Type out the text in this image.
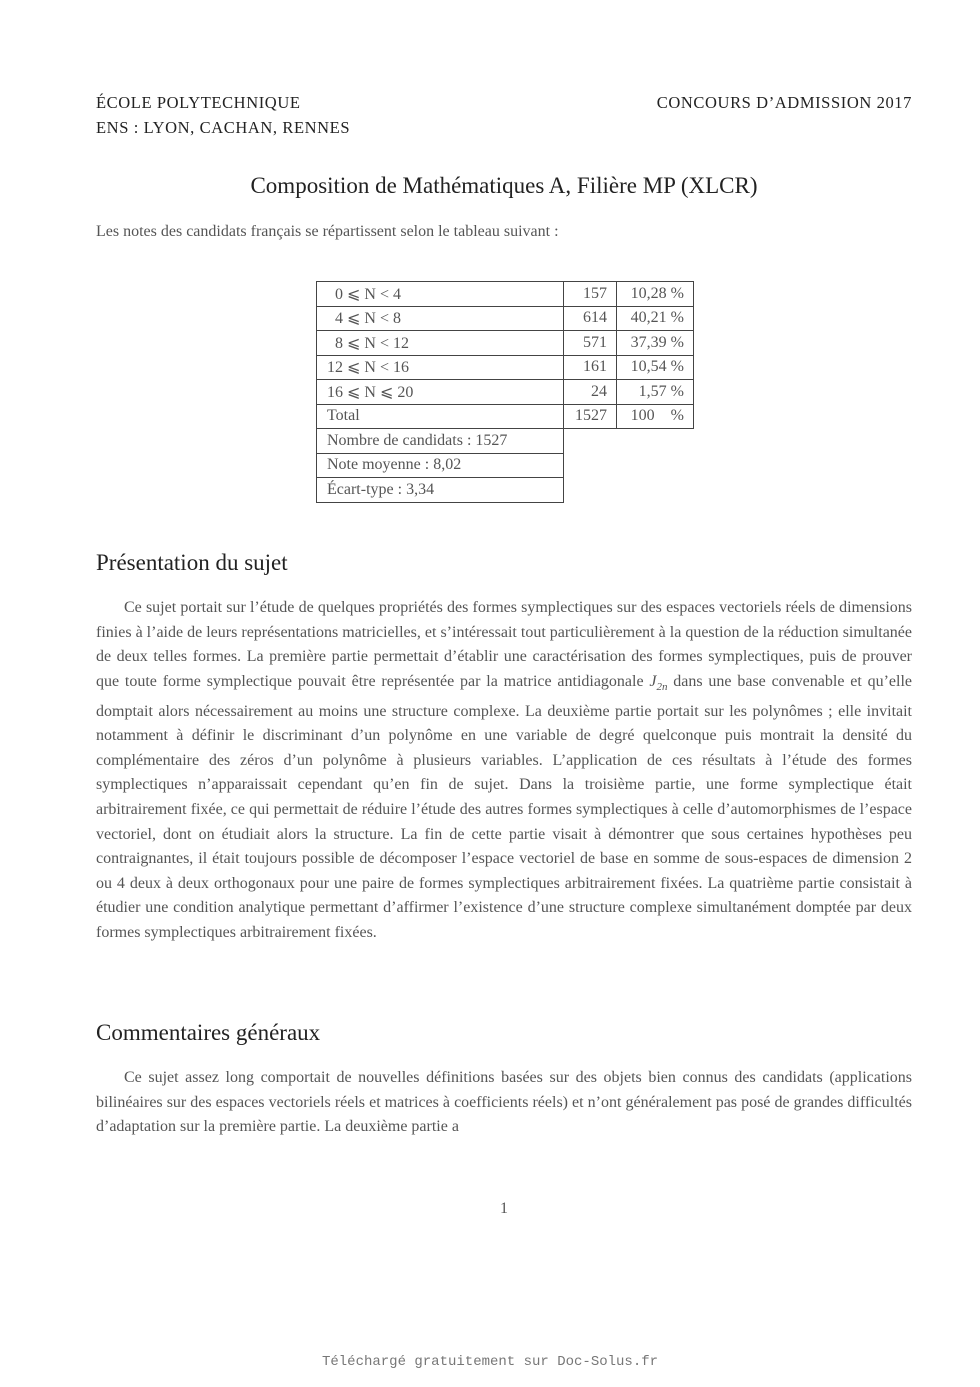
ÉCOLE POLYTECHNIQUE
ENS : LYON, CACHAN, RENNES
CONCOURS D’ADMISSION 2017
Composition de Mathématiques A, Filière MP (XLCR)
Les notes des candidats français se répartissent selon le tableau suivant :
0 ⩽ N < 4	157	10,28 %
4 ⩽ N < 8	614	40,21 %
8 ⩽ N < 12	571	37,39 %
12 ⩽ N < 16	161	10,54 %
16 ⩽ N ⩽ 20	24	1,57 %
Total	1527	100    %
Nombre de candidats : 1527		
Note moyenne : 8,02		
Écart-type : 3,34		
Présentation du sujet

Ce sujet portait sur l’étude de quelques propriétés des formes symplectiques sur des espaces vectoriels réels de dimensions finies à l’aide de leurs représentations matricielles, et s’intéressait tout particulièrement à la question de la réduction simultanée de deux telles formes. La première partie permettait d’établir une caractérisation des formes symplectiques, puis de prouver que toute forme symplectique pouvait être représentée par la matrice antidiagonale $J_{2n}$ dans une base convenable et qu’elle domptait alors nécessairement au moins une structure complexe. La deuxième partie portait sur les polynômes ; elle invitait notamment à définir le discriminant d’un polynôme en une variable de degré quelconque puis montrait la densité du complémentaire des zéros d’un polynôme à plusieurs variables. L’application de ces résultats à l’étude des formes symplectiques n’apparaissait cependant qu’en fin de sujet. Dans la troisième partie, une forme symplectique était arbitrairement fixée, ce qui permettait de réduire l’étude des autres formes symplectiques à celle d’automorphismes de l’espace vectoriel, dont on étudiait alors la structure. La fin de cette partie visait à démontrer que sous certaines hypothèses peu contraignantes, il était toujours possible de décomposer l’espace vectoriel de base en somme de sous-espaces de dimension 2 ou 4 deux à deux orthogonaux pour une paire de formes symplectiques arbitrairement fixées. La quatrième partie consistait à étudier une condition analytique permettant d’affirmer l’existence d’une structure complexe simultanément domptée par deux formes symplectiques arbitrairement fixées.

Commentaires généraux

Ce sujet assez long comportait de nouvelles définitions basées sur des objets bien connus des candidats (applications bilinéaires sur des espaces vectoriels réels et matrices à coefficients réels) et n’ont généralement pas posé de grandes difficultés d’adaptation sur la première partie. La deuxième partie a

1
Téléchargé gratuitement sur Doc-Solus.fr
